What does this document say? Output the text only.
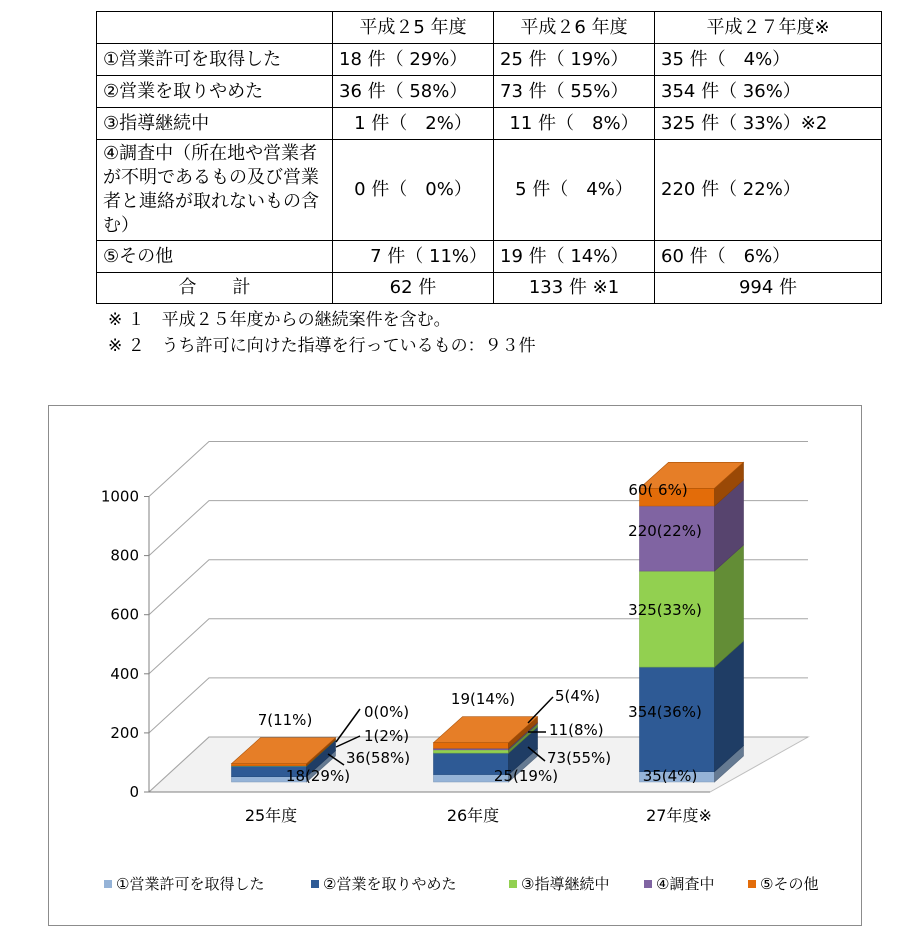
	平成２5 年度	平成２6 年度	平成２７年度※
①営業許可を取得した	18 件（ 29%）	25 件（ 19%）	35 件（　4%）
②営業を取りやめた	36 件（ 58%）	73 件（ 55%）	354 件（ 36%）
③指導継続中	1 件（　2%）	11 件（　8%）	325 件（ 33%）※2
④調査中（所在地や営業者が不明であるもの及び営業者と連絡が取れないもの含む）	0 件（　0%）	5 件（　4%）	220 件（ 22%）
⑤その他	7 件（ 11%）	19 件（ 14%）	60 件（　6%）
合　　計	62 件	133 件 ※1	994 件
※ １　平成２５年度からの継続案件を含む。
※ ２　うち許可に向けた指導を行っているもの：９３件
0
200
400
600
800
1000
25年度
18(29%)
36(58%)
1(2%)
0(0%)
7(11%)
26年度
25(19%)
73(55%)
11(8%)
5(4%)
19(14%)
27年度※
35(4%)
354(36%)
325(33%)
220(22%)
60( 6%)
①営業許可を取得した	②営業を取りやめた	③指導継続中	④調査中	⑤その他
